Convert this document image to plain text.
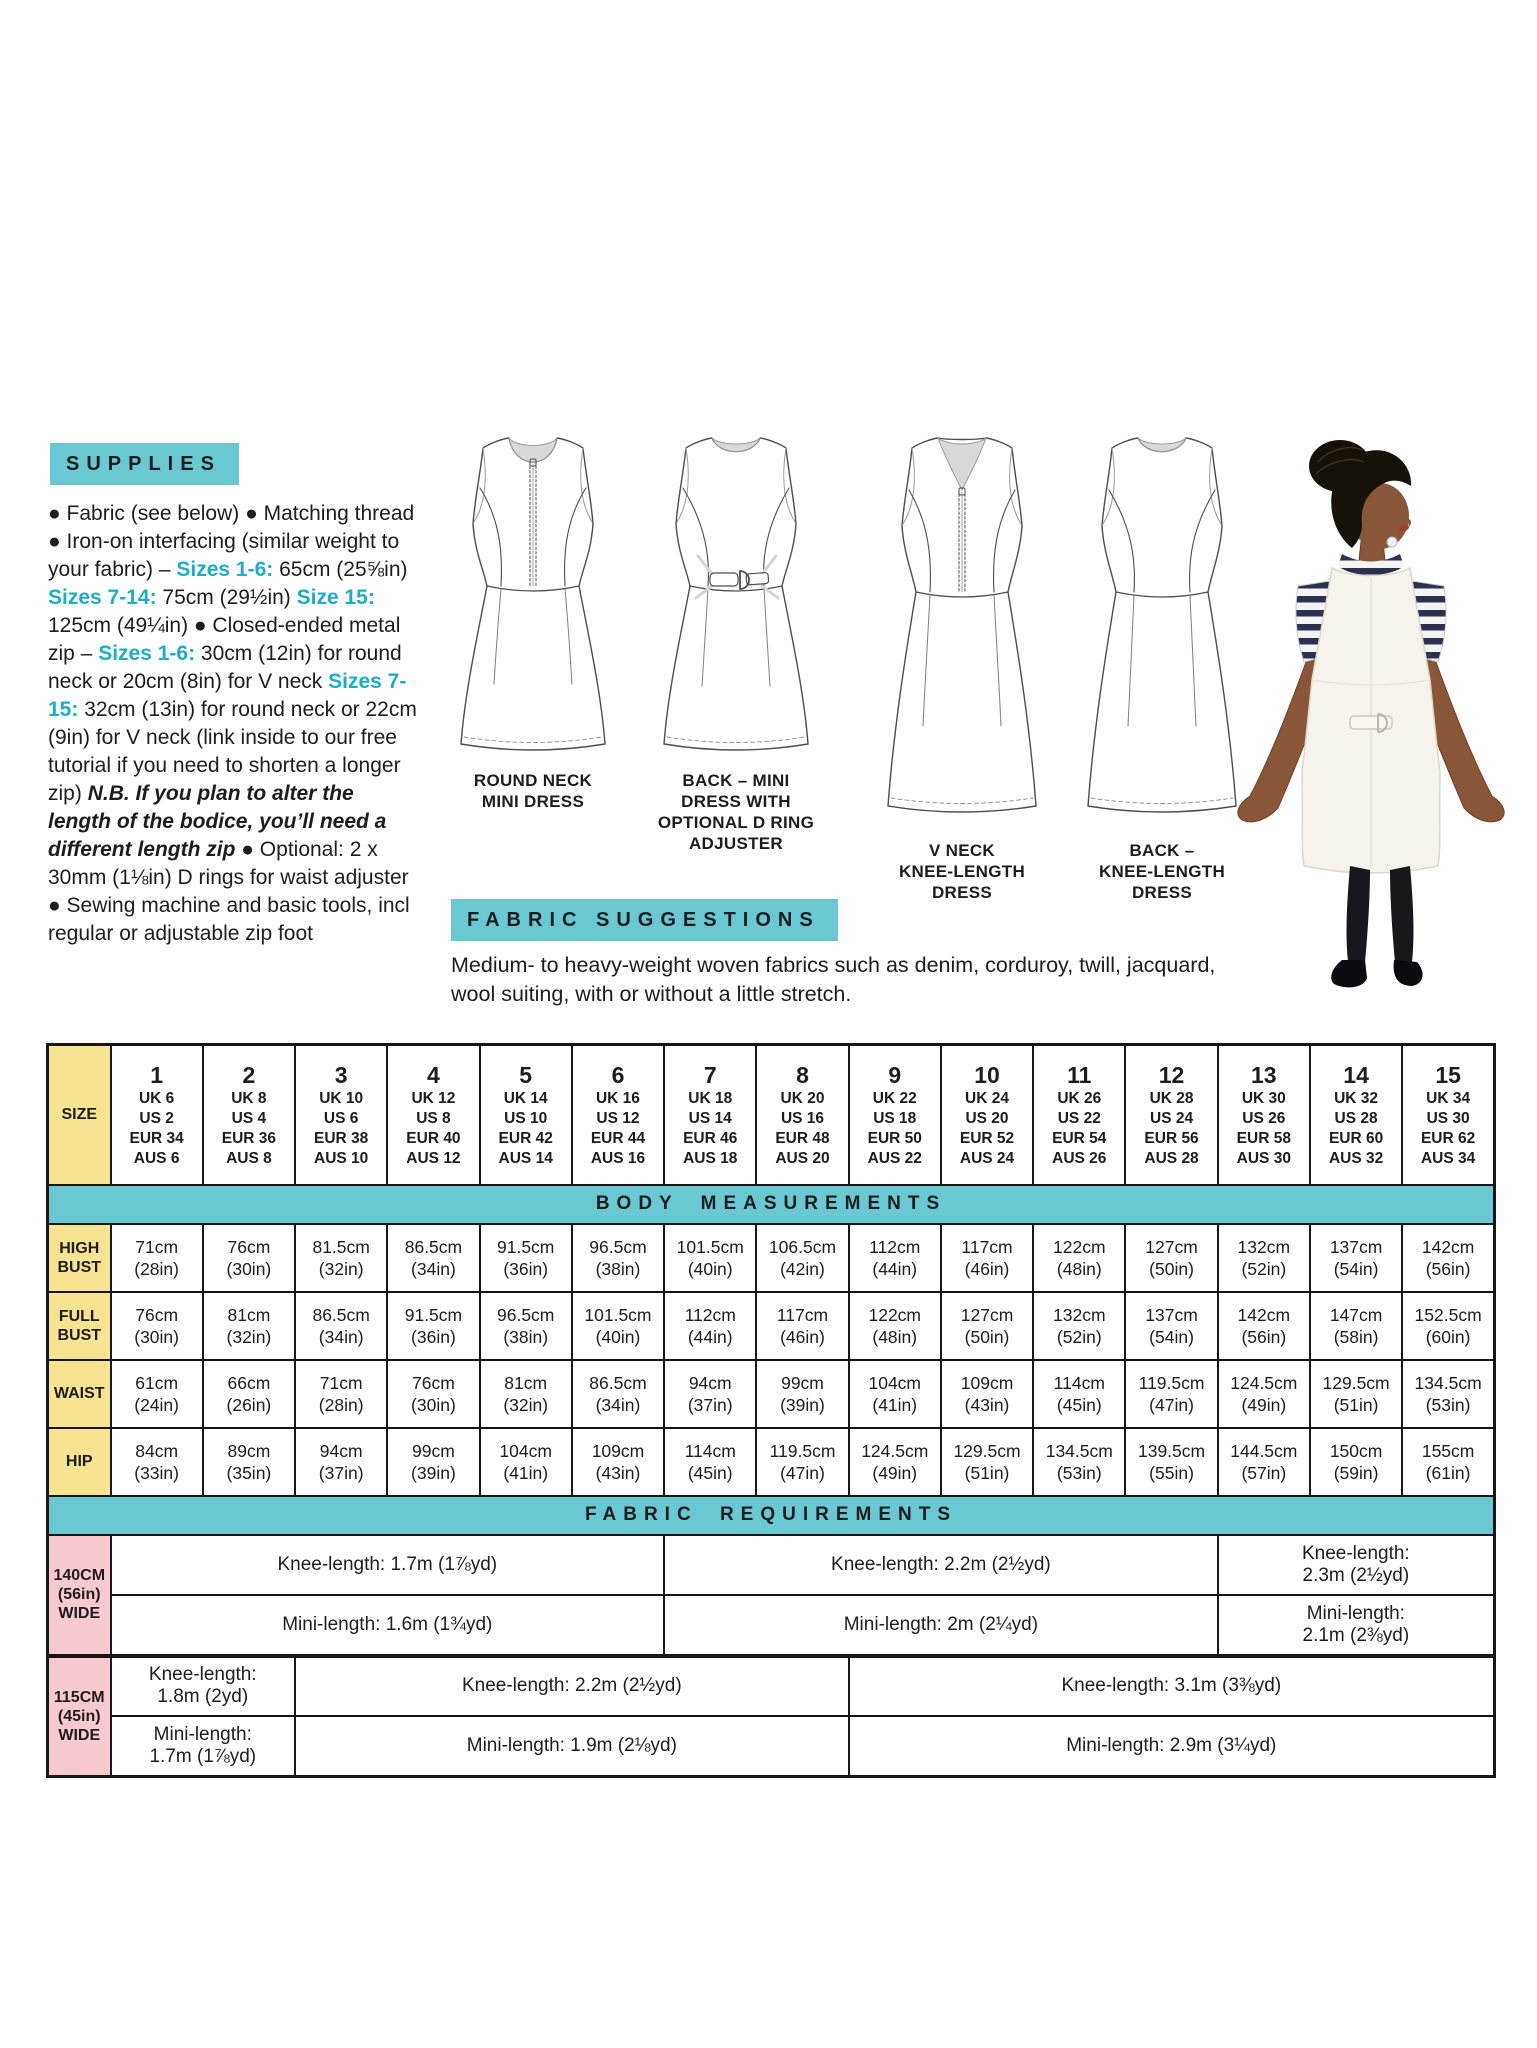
SUPPLIES

● Fabric (see below) ● Matching thread ● Iron-on interfacing (similar weight to your fabric) – Sizes 1-6: 65cm (25⅝in) Sizes 7-14: 75cm (29½in) Size 15: 125cm (49¼in) ● Closed-ended metal zip – Sizes 1-6: 30cm (12in) for round neck or 20cm (8in) for V neck Sizes 7-15: 32cm (13in) for round neck or 22cm (9in) for V neck (link inside to our free tutorial if you need to shorten a longer zip) N.B. If you plan to alter the length of the bodice, you’ll need a different length zip ● Optional: 2 x 30mm (1⅛in) D rings for waist adjuster ● Sewing machine and basic tools, incl regular or adjustable zip foot

ROUND NECK
MINI DRESS
BACK – MINI
DRESS WITH
OPTIONAL D RING
ADJUSTER	V NECK
KNEE-LENGTH
DRESS
BACK –
KNEE-LENGTH
DRESS
FABRIC SUGGESTIONS

Medium- to heavy-weight woven fabrics such as denim, corduroy, twill, jacquard, wool suiting, with or without a little stretch.

SIZE	1
UK 6
US 2
EUR 34
AUS 6	2
UK 8
US 4
EUR 36
AUS 8	3
UK 10
US 6
EUR 38
AUS 10	4
UK 12
US 8
EUR 40
AUS 12	5
UK 14
US 10
EUR 42
AUS 14	6
UK 16
US 12
EUR 44
AUS 16	7
UK 18
US 14
EUR 46
AUS 18	8
UK 20
US 16
EUR 48
AUS 20	9
UK 22
US 18
EUR 50
AUS 22	10
UK 24
US 20
EUR 52
AUS 24	11
UK 26
US 22
EUR 54
AUS 26	12
UK 28
US 24
EUR 56
AUS 28	13
UK 30
US 26
EUR 58
AUS 30	14
UK 32
US 28
EUR 60
AUS 32	15
UK 34
US 30
EUR 62
AUS 34
BODY MEASUREMENTS															
HIGH
BUST	71cm
(28in)	76cm
(30in)	81.5cm
(32in)	86.5cm
(34in)	91.5cm
(36in)	96.5cm
(38in)	101.5cm
(40in)	106.5cm
(42in)	112cm
(44in)	117cm
(46in)	122cm
(48in)	127cm
(50in)	132cm
(52in)	137cm
(54in)	142cm
(56in)
FULL
BUST	76cm
(30in)	81cm
(32in)	86.5cm
(34in)	91.5cm
(36in)	96.5cm
(38in)	101.5cm
(40in)	112cm
(44in)	117cm
(46in)	122cm
(48in)	127cm
(50in)	132cm
(52in)	137cm
(54in)	142cm
(56in)	147cm
(58in)	152.5cm
(60in)
WAIST	61cm
(24in)	66cm
(26in)	71cm
(28in)	76cm
(30in)	81cm
(32in)	86.5cm
(34in)	94cm
(37in)	99cm
(39in)	104cm
(41in)	109cm
(43in)	114cm
(45in)	119.5cm
(47in)	124.5cm
(49in)	129.5cm
(51in)	134.5cm
(53in)
HIP	84cm
(33in)	89cm
(35in)	94cm
(37in)	99cm
(39in)	104cm
(41in)	109cm
(43in)	114cm
(45in)	119.5cm
(47in)	124.5cm
(49in)	129.5cm
(51in)	134.5cm
(53in)	139.5cm
(55in)	144.5cm
(57in)	150cm
(59in)	155cm
(61in)
FABRIC REQUIREMENTS															
140CM
(56in)
WIDE	Knee-length: 1.7m (1⅞yd)						Knee-length: 2.2m (2½yd)						Knee-length:
2.3m (2½yd)		
	Mini-length: 1.6m (1¾yd)						Mini-length: 2m (2¼yd)						Mini-length:
2.1m (2⅜yd)		
115CM
(45in)
WIDE	Knee-length:
1.8m (2yd)		Knee-length: 2.2m (2½yd)						Knee-length: 3.1m (3⅜yd)						
	Mini-length:
1.7m (1⅞yd)		Mini-length: 1.9m (2⅛yd)						Mini-length: 2.9m (3¼yd)						
